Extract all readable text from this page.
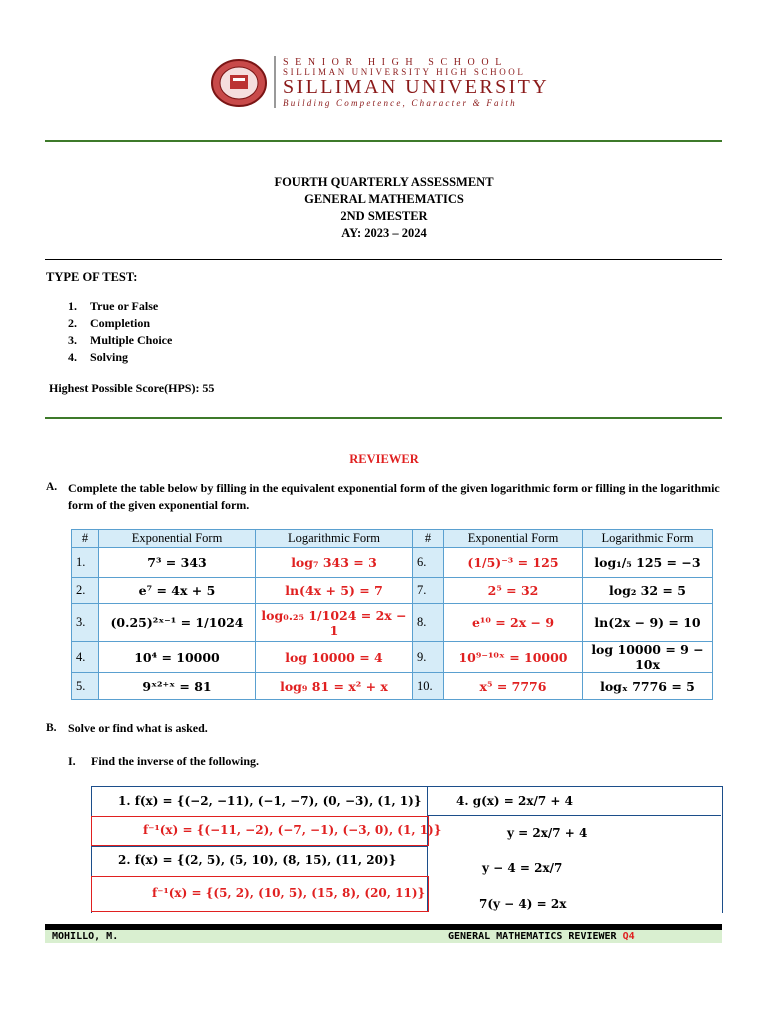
SENIOR HIGH SCHOOL
SILLIMAN UNIVERSITY HIGH SCHOOL
SILLIMAN UNIVERSITY
Building Competence, Character & Faith
FOURTH QUARTERLY ASSESSMENT
GENERAL MATHEMATICS
2ND SMESTER
AY: 2023 – 2024
TYPE OF TEST:
1. True or False
2. Completion
3. Multiple Choice
4. Solving
Highest Possible Score(HPS): 55
REVIEWER
A. Complete the table below by filling in the equivalent exponential form of the given logarithmic form or filling in the logarithmic form of the given exponential form.
#	Exponential Form	Logarithmic Form	#	Exponential Form	Logarithmic Form
1.	7³ = 343	log₇ 343 = 3	6.	(1/5)⁻³ = 125	log₁/₅ 125 = −3
2.	e⁷ = 4x + 5	ln(4x + 5) = 7	7.	2⁵ = 32	log₂ 32 = 5
3.	(0.25)²ˣ⁻¹ = 1/1024	log₀.₂₅ 1/1024 = 2x − 1	8.	e¹⁰ = 2x − 9	ln(2x − 9) = 10
4.	10⁴ = 10000	log 10000 = 4	9.	10⁹⁻¹⁰ˣ = 10000	log 10000 = 9 − 10x
5.	9ˣ²⁺ˣ = 81	log₉ 81 = x² + x	10.	x⁵ = 7776	logₓ 7776 = 5
B. Solve or find what is asked.
I. Find the inverse of the following.
1. f(x) = {(−2, −11), (−1, −7), (0, −3), (1, 1)}
f⁻¹(x) = {(−11, −2), (−7, −1), (−3, 0), (1, 1)}
2. f(x) = {(2, 5), (5, 10), (8, 15), (11, 20)}
f⁻¹(x) = {(5, 2), (10, 5), (15, 8), (20, 11)}
4. g(x) = 2x/7 + 4
y = 2x/7 + 4
y − 4 = 2x/7
7(y − 4) = 2x
MOHILLO, M.	GENERAL MATHEMATICS REVIEWER Q4
